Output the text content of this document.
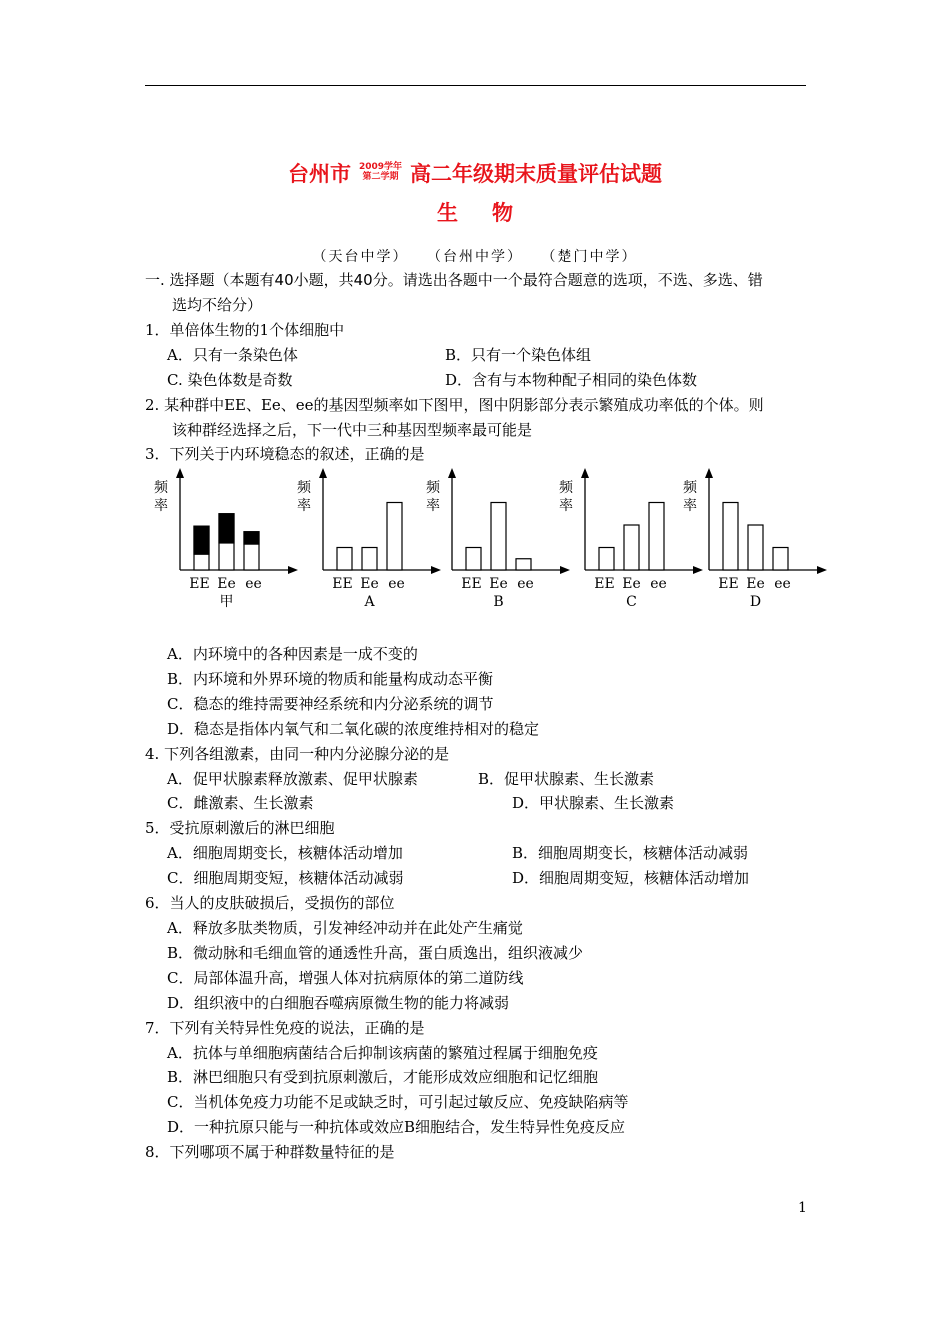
台州市 2009学年
第二学期 高二年级期末质量评估试题
生物
（天台中学） （台州中学） （楚门中学）
一. 选择题（本题有40小题，共40分。请选出各题中一个最符合题意的选项，不选、多选、错
选均不给分）
1．单倍体生物的1个体细胞中
A．只有一条染色体	B．只有一个染色体组
C. 染色体数是奇数	D．含有与本物种配子相同的染色体数
2. 某种群中EE、Ee、ee的基因型频率如下图甲，图中阴影部分表示繁殖成功率低的个体。则
该种群经选择之后，下一代中三种基因型频率最可能是
3．下列关于内环境稳态的叙述，正确的是
频
率
EE Ee ee
甲
频
率
EE Ee ee
A
频
率
EE Ee ee
B
频
率
EE Ee ee
C
频
率
EE Ee ee
D
A．内环境中的各种因素是一成不变的
B．内环境和外界环境的物质和能量构成动态平衡
C．稳态的维持需要神经系统和内分泌系统的调节
D．稳态是指体内氧气和二氧化碳的浓度维持相对的稳定
4. 下列各组激素，由同一种内分泌腺分泌的是
A．促甲状腺素释放激素、促甲状腺素	B．促甲状腺素、生长激素
C．雌激素、生长激素	D．甲状腺素、生长激素
5．受抗原刺激后的淋巴细胞
A．细胞周期变长，核糖体活动增加	B．细胞周期变长，核糖体活动减弱
C．细胞周期变短，核糖体活动减弱	D．细胞周期变短，核糖体活动增加
6．当人的皮肤破损后，受损伤的部位
A．释放多肽类物质，引发神经冲动并在此处产生痛觉
B．微动脉和毛细血管的通透性升高，蛋白质逸出，组织液减少
C．局部体温升高，增强人体对抗病原体的第二道防线
D．组织液中的白细胞吞噬病原微生物的能力将减弱
7．下列有关特异性免疫的说法，正确的是
A．抗体与单细胞病菌结合后抑制该病菌的繁殖过程属于细胞免疫
B．淋巴细胞只有受到抗原刺激后，才能形成效应细胞和记忆细胞
C．当机体免疫力功能不足或缺乏时，可引起过敏反应、免疫缺陷病等
D．一种抗原只能与一种抗体或效应B细胞结合，发生特异性免疫反应
8．下列哪项不属于种群数量特征的是
1
